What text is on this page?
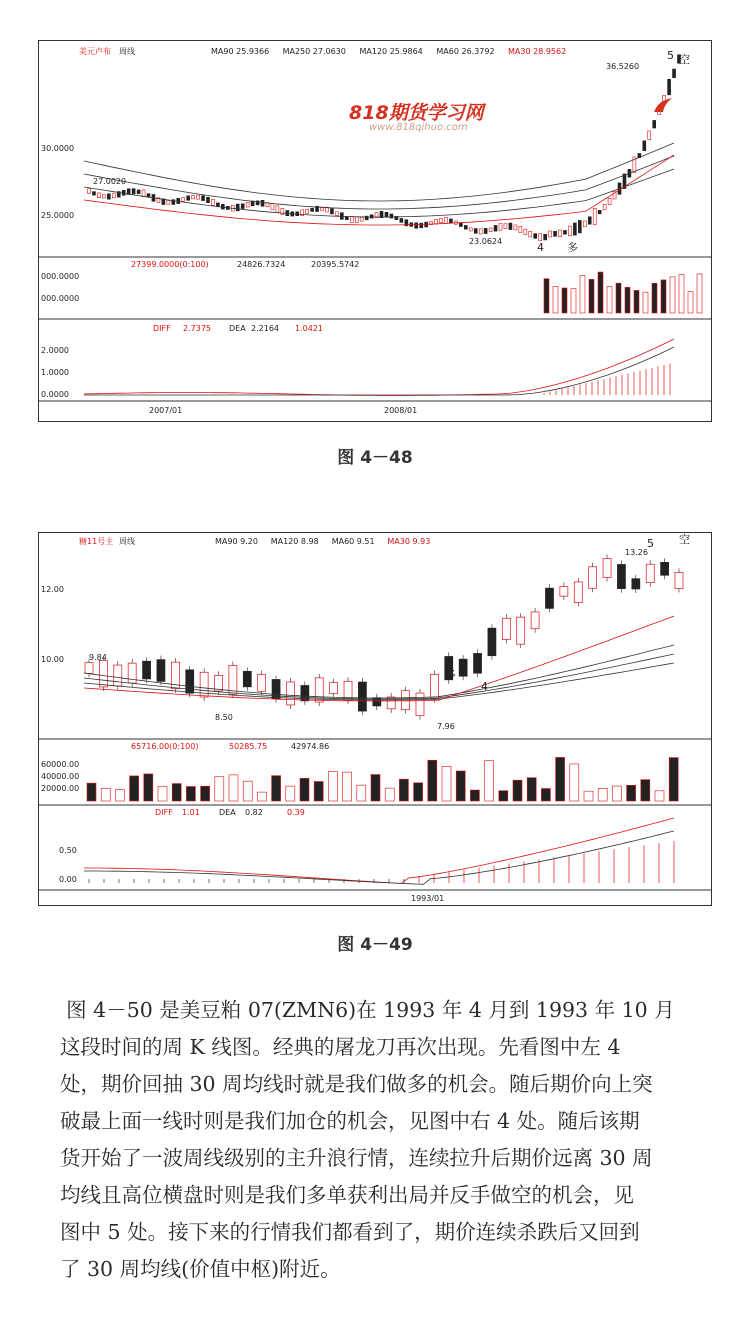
美元卢布 周线	MA90 25.9366 MA250 27.0630 MA120 25.9864 MA60 26.3792 MA30 28.9562
30.0000
25.0000
27.0020
23.0624
36.5260
4 多
5 空
27399.0000(0:100)	24826.7324	20395.5742
000.0000
000.0000
DIFF 2.7375 DEA 2.2164 1.0421
2.0000
1.0000
0.0000
2007/01	2008/01
818期货学习网
www.818qihuo.com
图 4－48
糖11号主 周线	MA90 9.20 MA120 8.98 MA60 9.51 MA30 9.93
12.00
10.00	9.84
8.50
7.96
13.26
多
4
5 空
65716.00(0:100)	50285.75	42974.86
60000.00
40000.00
20000.00
DIFF 1.01 DEA 0.82	0.39
0.50
0.00
1993/01
图 4－49

图 4－50 是美豆粕 07(ZMN6)在 1993 年 4 月到 1993 年 10 月

这段时间的周 K 线图。经典的屠龙刀再次出现。先看图中左 4

处，期价回抽 30 周均线时就是我们做多的机会。随后期价向上突

破最上面一线时则是我们加仓的机会，见图中右 4 处。随后该期

货开始了一波周线级别的主升浪行情，连续拉升后期价远离 30 周

均线且高位横盘时则是我们多单获利出局并反手做空的机会，见

图中 5 处。接下来的行情我们都看到了，期价连续杀跌后又回到

了 30 周均线(价值中枢)附近。
